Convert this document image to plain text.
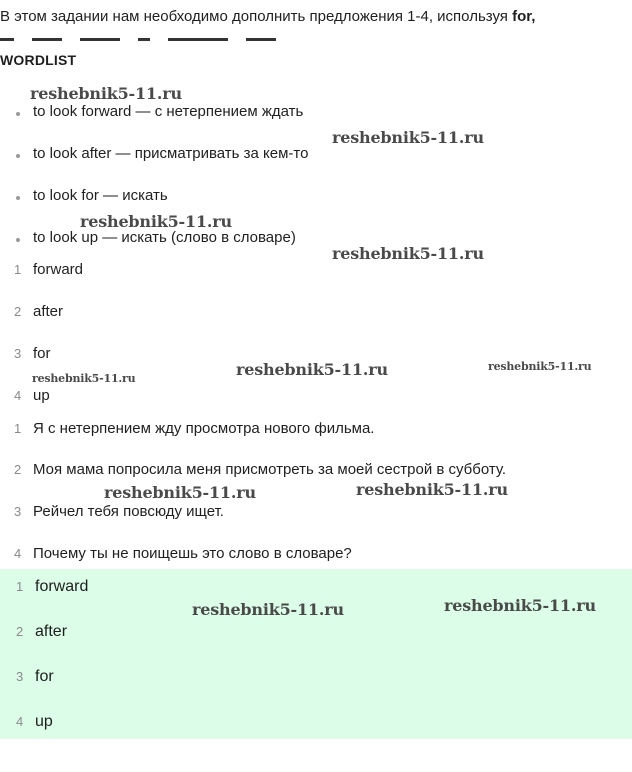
В этом задании нам необходимо дополнить предложения 1-4, используя for,
WORDLIST
to look forward — с нетерпением ждать
to look after — присматривать за кем-то
to look for — искать
to look up — искать (слово в словаре)
1 forward
2 after
3 for
4 up
1 Я с нетерпением жду просмотра нового фильма.
2 Моя мама попросила меня присмотреть за моей сестрой в субботу.
3 Рейчел тебя повсюду ищет.
4 Почему ты не поищешь это слово в словаре?
1 forward
2 after
3 for
4 up
reshebnik5-11.ru
reshebnik5-11.ru
reshebnik5-11.ru
reshebnik5-11.ru
reshebnik5-11.ru
reshebnik5-11.ru
reshebnik5-11.ru
reshebnik5-11.ru	reshebnik5-11.ru
reshebnik5-11.ru	reshebnik5-11.ru
